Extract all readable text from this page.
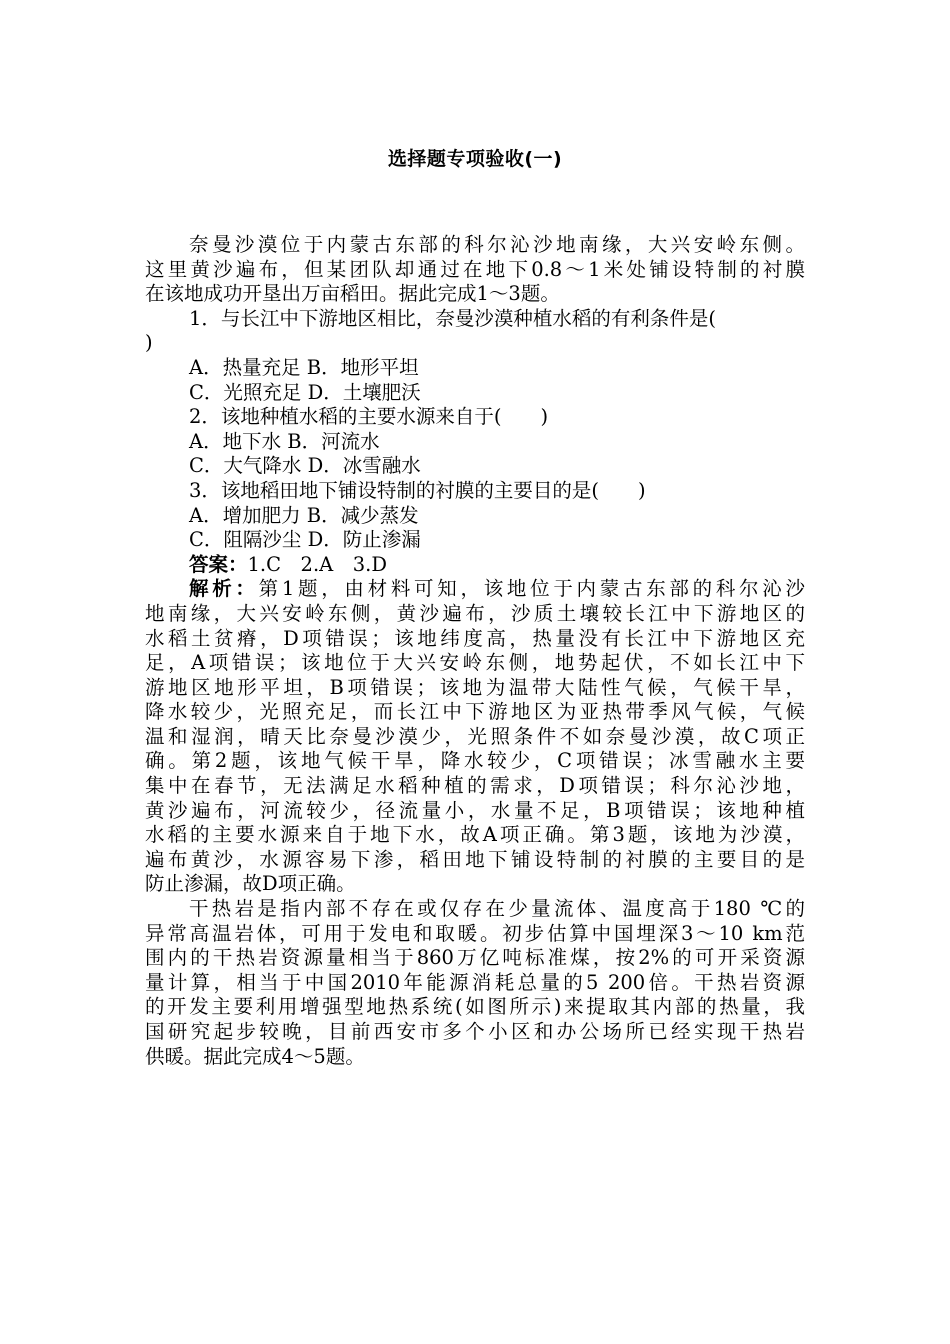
选择题专项验收(一)
奈曼沙漠位于内蒙古东部的科尔沁沙地南缘，大兴安岭东侧。
这里黄沙遍布，但某团队却通过在地下0.8～1米处铺设特制的衬膜
在该地成功开垦出万亩稻田。据此完成1～3题。
1．与长江中下游地区相比，奈曼沙漠种植水稻的有利条件是(
)
A．热量充足 B．地形平坦
C．光照充足 D．土壤肥沃
2．该地种植水稻的主要水源来自于(　　)
A．地下水 B．河流水
C．大气降水 D．冰雪融水
3．该地稻田地下铺设特制的衬膜的主要目的是(　　)
A．增加肥力 B．减少蒸发
C．阻隔沙尘 D．防止渗漏
答案：1.C　2.A　3.D
解析：第1题，由材料可知，该地位于内蒙古东部的科尔沁沙
地南缘，大兴安岭东侧，黄沙遍布，沙质土壤较长江中下游地区的
水稻土贫瘠，D项错误；该地纬度高，热量没有长江中下游地区充
足，A项错误；该地位于大兴安岭东侧，地势起伏，不如长江中下
游地区地形平坦，B项错误；该地为温带大陆性气候，气候干旱，
降水较少，光照充足，而长江中下游地区为亚热带季风气候，气候
温和湿润，晴天比奈曼沙漠少，光照条件不如奈曼沙漠，故C项正
确。第2题，该地气候干旱，降水较少，C项错误；冰雪融水主要
集中在春节，无法满足水稻种植的需求，D项错误；科尔沁沙地，
黄沙遍布，河流较少，径流量小，水量不足，B项错误；该地种植
水稻的主要水源来自于地下水，故A项正确。第3题，该地为沙漠，
遍布黄沙，水源容易下渗，稻田地下铺设特制的衬膜的主要目的是
防止渗漏，故D项正确。
干热岩是指内部不存在或仅存在少量流体、温度高于180 ℃的
异常高温岩体，可用于发电和取暖。初步估算中国埋深3～10 km范
围内的干热岩资源量相当于860万亿吨标准煤，按2%的可开采资源
量计算，相当于中国2010年能源消耗总量的5 200倍。干热岩资源
的开发主要利用增强型地热系统(如图所示)来提取其内部的热量，我
国研究起步较晚，目前西安市多个小区和办公场所已经实现干热岩
供暖。据此完成4～5题。
